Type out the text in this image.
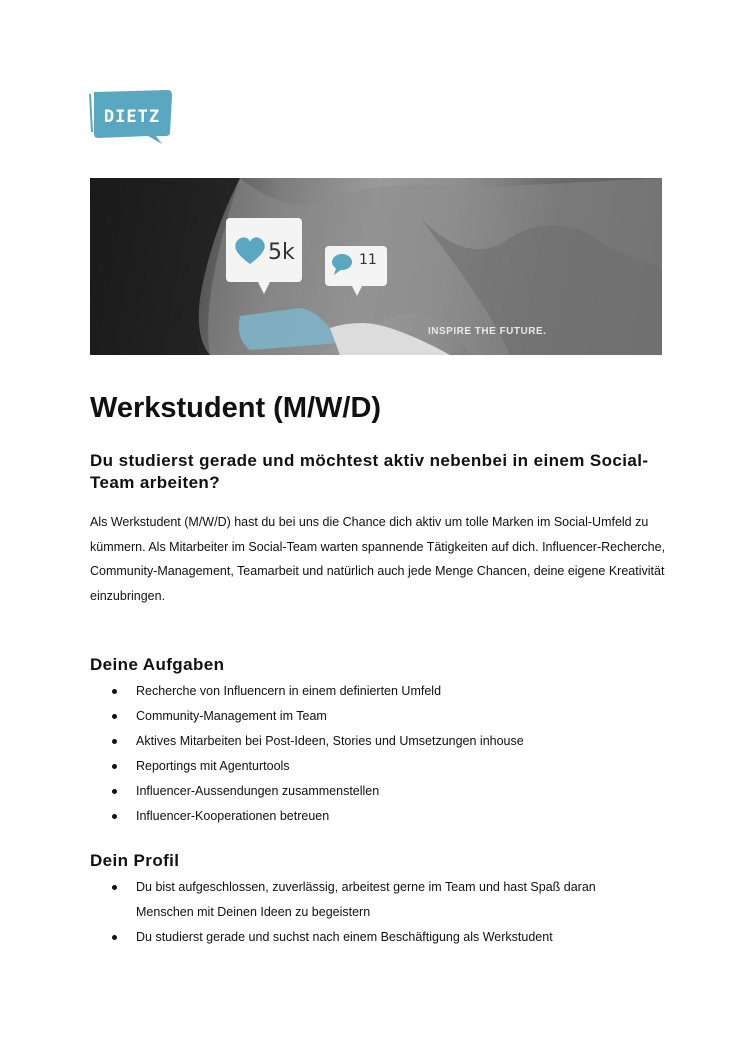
DIETZ
5k	11
INSPIRE THE FUTURE.
Werkstudent (M/W/D)
Du studierst gerade und möchtest aktiv nebenbei in einem Social-Team arbeiten?

Als Werkstudent (M/W/D) hast du bei uns die Chance dich aktiv um tolle Marken im Social-Umfeld zu kümmern. Als Mitarbeiter im Social-Team warten spannende Tätigkeiten auf dich. Influencer-Recherche, Community-Management, Teamarbeit und natürlich auch jede Menge Chancen, deine eigene Kreativität einzubringen.

Deine Aufgaben
Recherche von Influencern in einem definierten Umfeld
Community-Management im Team
Aktives Mitarbeiten bei Post-Ideen, Stories und Umsetzungen inhouse
Reportings mit Agenturtools
Influencer-Aussendungen zusammenstellen
Influencer-Kooperationen betreuen
Dein Profil
Du bist aufgeschlossen, zuverlässig, arbeitest gerne im Team und hast Spaß daran Menschen mit Deinen Ideen zu begeistern
Du studierst gerade und suchst nach einem Beschäftigung als Werkstudent
